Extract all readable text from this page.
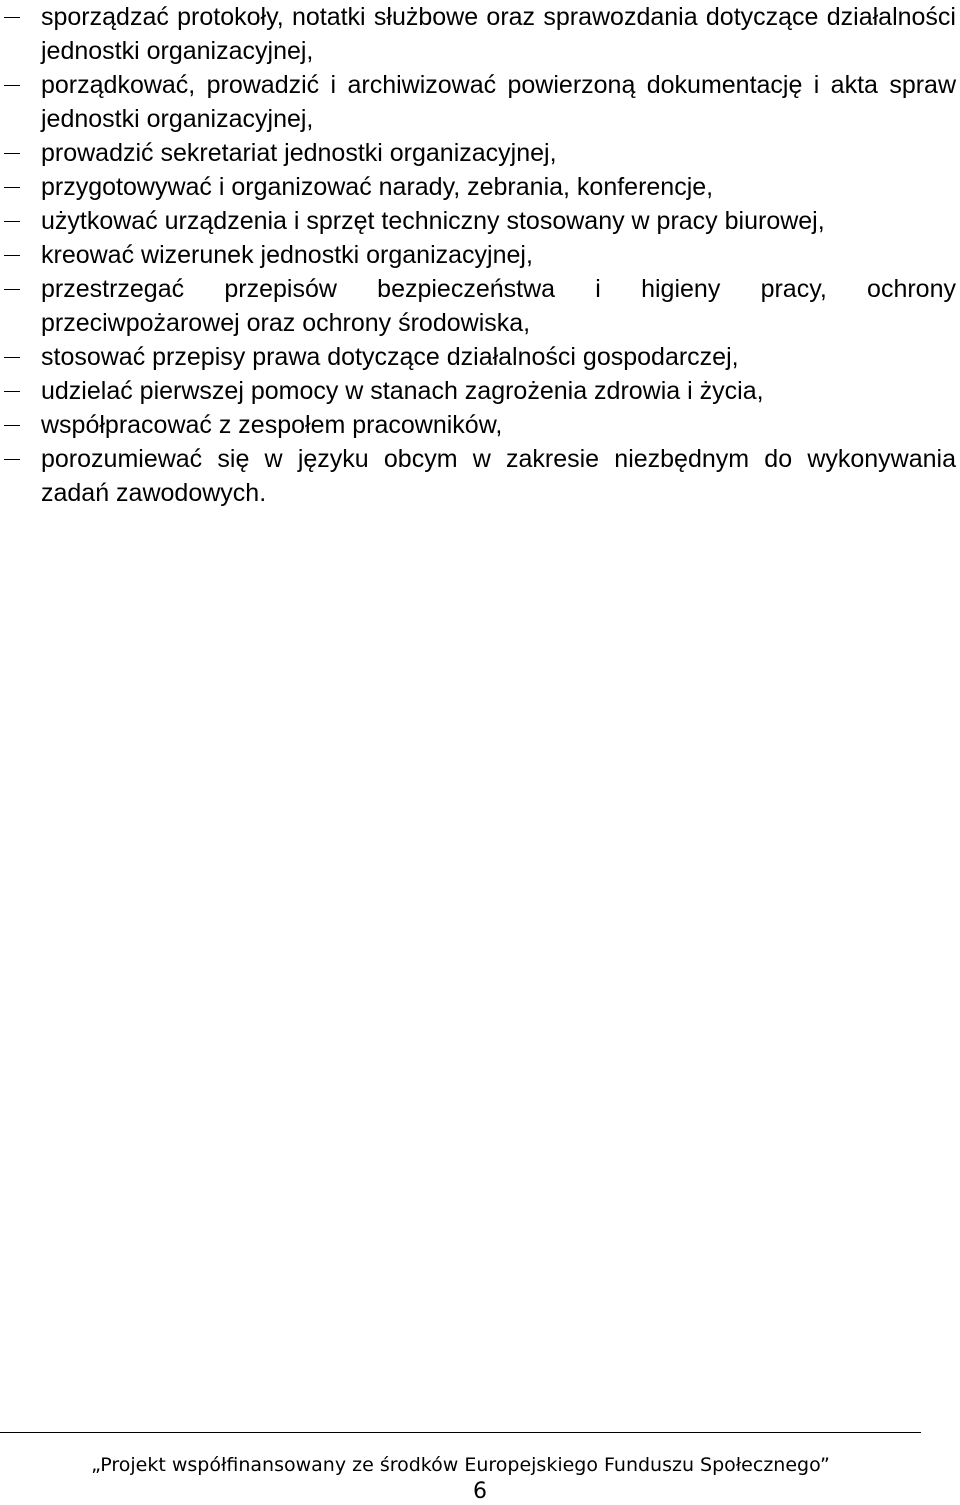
sporządzać protokoły, notatki służbowe oraz sprawozdania dotyczące działalności jednostki organizacyjnej,
porządkować, prowadzić i archiwizować powierzoną dokumentację i akta spraw jednostki organizacyjnej,
prowadzić sekretariat jednostki organizacyjnej,
przygotowywać i organizować narady, zebrania, konferencje,
użytkować urządzenia i sprzęt techniczny stosowany w pracy biurowej,
kreować wizerunek jednostki organizacyjnej,
przestrzegać przepisów bezpieczeństwa i higieny pracy, ochrony przeciwpożarowej oraz ochrony środowiska,
stosować przepisy prawa dotyczące działalności gospodarczej,
udzielać pierwszej pomocy w stanach zagrożenia zdrowia i życia,
współpracować z zespołem pracowników,
porozumiewać się w języku obcym w zakresie niezbędnym do wykonywania zadań zawodowych.
„Projekt współfinansowany ze środków Europejskiego Funduszu Społecznego”
6
